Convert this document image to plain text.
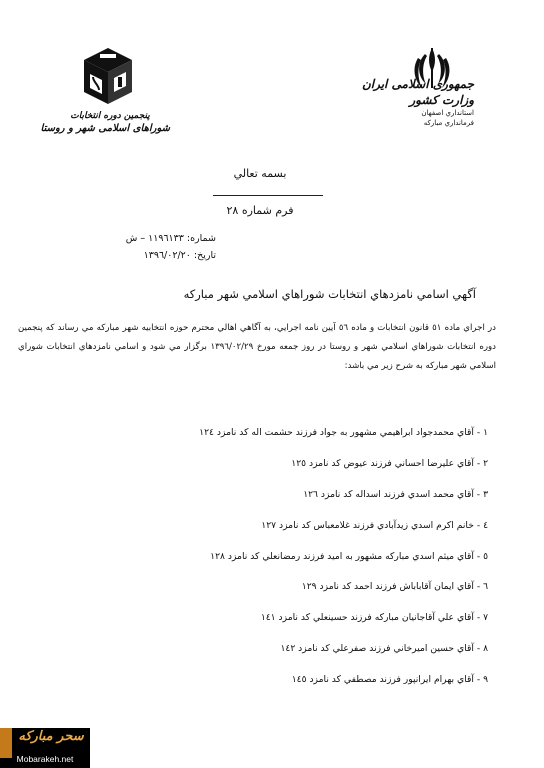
جمهوری اسلامی ایران
وزارت کشور
استانداري اصفهان
فرمانداري مباركه
پنجمین دوره انتخابات
شوراهای اسلامی شهر و روستا
بسمه تعالي
فرم شماره ٢٨
شماره: ١١٩٦١٣٣ – ش
تاريخ: ١٣٩٦/٠٢/٢٠
آگهي اسامي نامزدهاي انتخابات شوراهاي اسلامي شهر مباركه
در اجراي ماده ٥١ قانون انتخابات و ماده ٥٦ آيين نامه اجرايي، به آگاهي اهالي محترم حوزه انتخابيه شهر مباركه مي رساند كه پنجمين دوره انتخابات شوراهاي اسلامي شهر و روستا در روز جمعه مورخ ١٣٩٦/٠٢/٢٩ برگزار مي شود و اسامي نامزدهاي انتخابات شوراي اسلامي شهر مباركه به شرح زير مي باشد:
١ - آقاي محمدجواد ابراهيمي مشهور به جواد فرزند حشمت اله كد نامزد ١٢٤
٢ - آقاي عليرضا احساني فرزند عيوض كد نامزد ١٢٥
٣ - آقاي محمد اسدي فرزند اسداله كد نامزد ١٢٦
٤ - خانم اكرم اسدي زيدآبادي فرزند غلامعباس كد نامزد ١٢٧
٥ - آقاي ميثم اسدي مباركه مشهور به امید فرزند رمضانعلي كد نامزد ١٢٨
٦ - آقاي ايمان آقاباباش فرزند احمد كد نامزد ١٢٩
٧ - آقاي علي آقاجانيان مباركه فرزند حسينعلي كد نامزد ١٤١
٨ - آقاي حسين اميرخاني فرزند صفرعلي كد نامزد ١٤٢
٩ - آقاي بهرام ايرانپور فرزند مصطفي كد نامزد ١٤٥
سحر مبارکه
Mobarakeh.net
